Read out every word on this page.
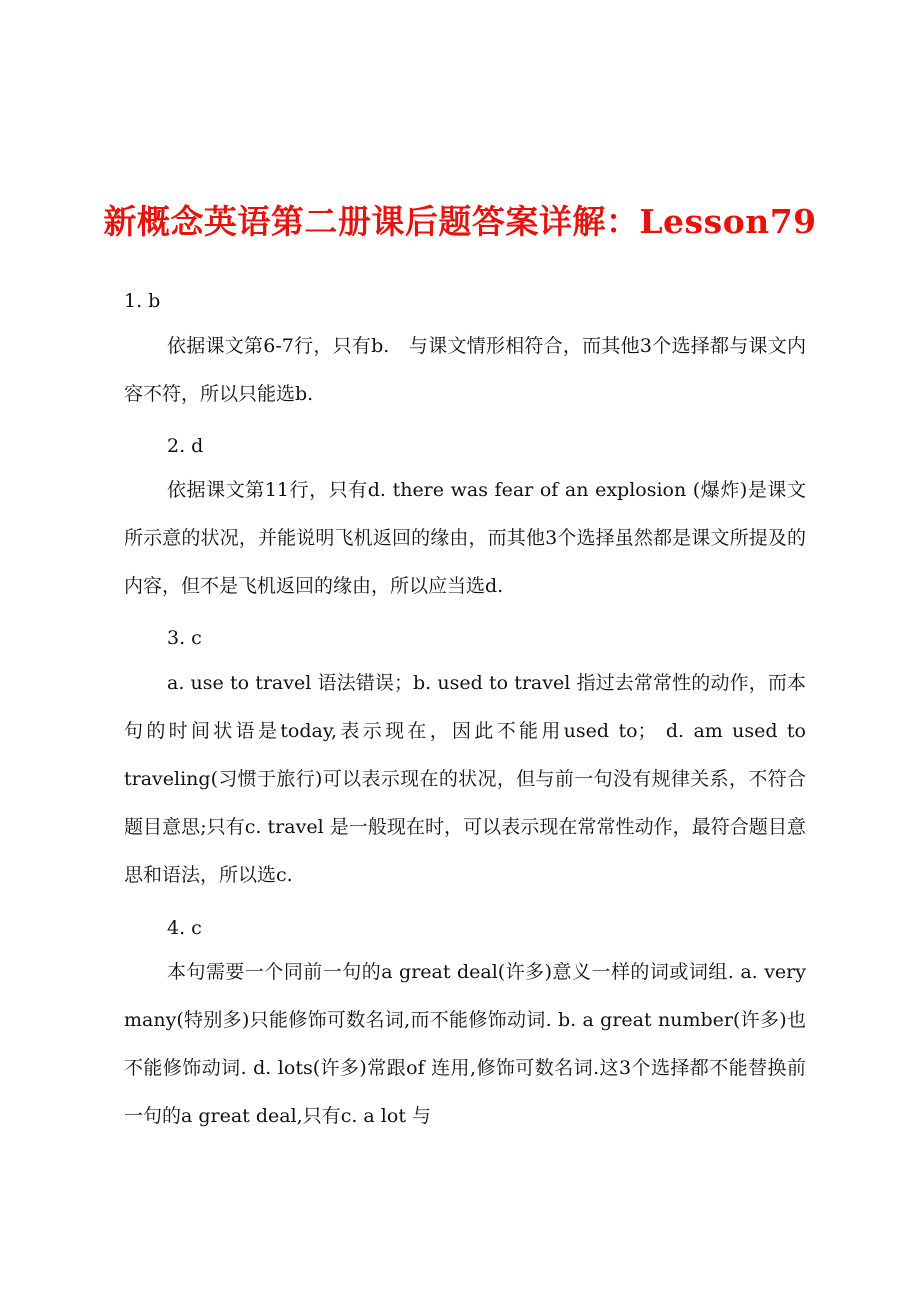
新概念英语第二册课后题答案详解：Lesson79
1. b

依据课文第6-7行，只有b.　与课文情形相符合，而其他3个选择都与课文内容不符，所以只能选b.

2. d

依据课文第11行，只有d. there was fear of an explosion (爆炸)是课文所示意的状况，并能说明飞机返回的缘由，而其他3个选择虽然都是课文所提及的内容，但不是飞机返回的缘由，所以应当选d.

3. c

a. use to travel 语法错误；b. used to travel 指过去常常性的动作，而本句的时间状语是today,表示现在，因此不能用used to； d. am used to traveling(习惯于旅行)可以表示现在的状况，但与前一句没有规律关系，不符合题目意思;只有c. travel 是一般现在时，可以表示现在常常性动作，最符合题目意思和语法，所以选c.

4. c

本句需要一个同前一句的a great deal(许多)意义一样的词或词组. a. very many(特别多)只能修饰可数名词,而不能修饰动词. b. a great number(许多)也不能修饰动词. d. lots(许多)常跟of 连用,修饰可数名词.这3个选择都不能替换前一句的a great deal,只有c. a lot 与
